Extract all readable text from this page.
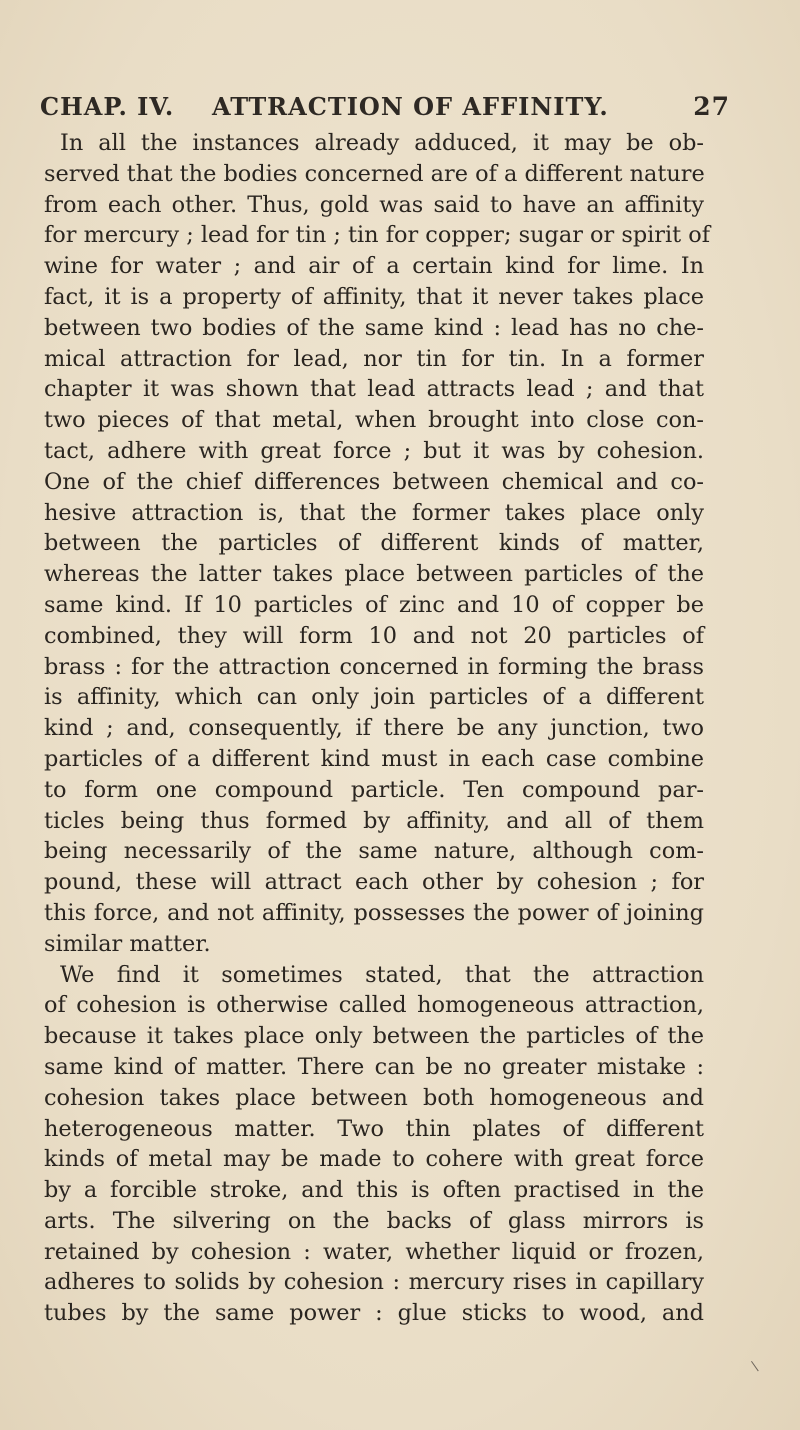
CHAP. IV. ATTRACTION OF AFFINITY.	27
In all the instances already adduced, it may be ob-
served that the bodies concerned are of a different nature
from each other. Thus, gold was said to have an affinity
for mercury ; lead for tin ; tin for copper; sugar or spirit of
wine for water ; and air of a certain kind for lime. In
fact, it is a property of affinity, that it never takes place
between two bodies of the same kind : lead has no che-
mical attraction for lead, nor tin for tin. In a former
chapter it was shown that lead attracts lead ; and that
two pieces of that metal, when brought into close con-
tact, adhere with great force ; but it was by cohesion.
One of the chief differences between chemical and co-
hesive attraction is, that the former takes place only
between the particles of different kinds of matter,
whereas the latter takes place between particles of the
same kind. If 10 particles of zinc and 10 of copper be
combined, they will form 10 and not 20 particles of
brass : for the attraction concerned in forming the brass
is affinity, which can only join particles of a different
kind ; and, consequently, if there be any junction, two
particles of a different kind must in each case combine
to form one compound particle. Ten compound par-
ticles being thus formed by affinity, and all of them
being necessarily of the same nature, although com-
pound, these will attract each other by cohesion ; for
this force, and not affinity, possesses the power of joining
similar matter.
We find it sometimes stated, that the attraction
of cohesion is otherwise called homogeneous attraction,
because it takes place only between the particles of the
same kind of matter. There can be no greater mistake :
cohesion takes place between both homogeneous and
heterogeneous matter. Two thin plates of different
kinds of metal may be made to cohere with great force
by a forcible stroke, and this is often practised in the
arts. The silvering on the backs of glass mirrors is
retained by cohesion : water, whether liquid or frozen,
adheres to solids by cohesion : mercury rises in capillary
tubes by the same power : glue sticks to wood, and
